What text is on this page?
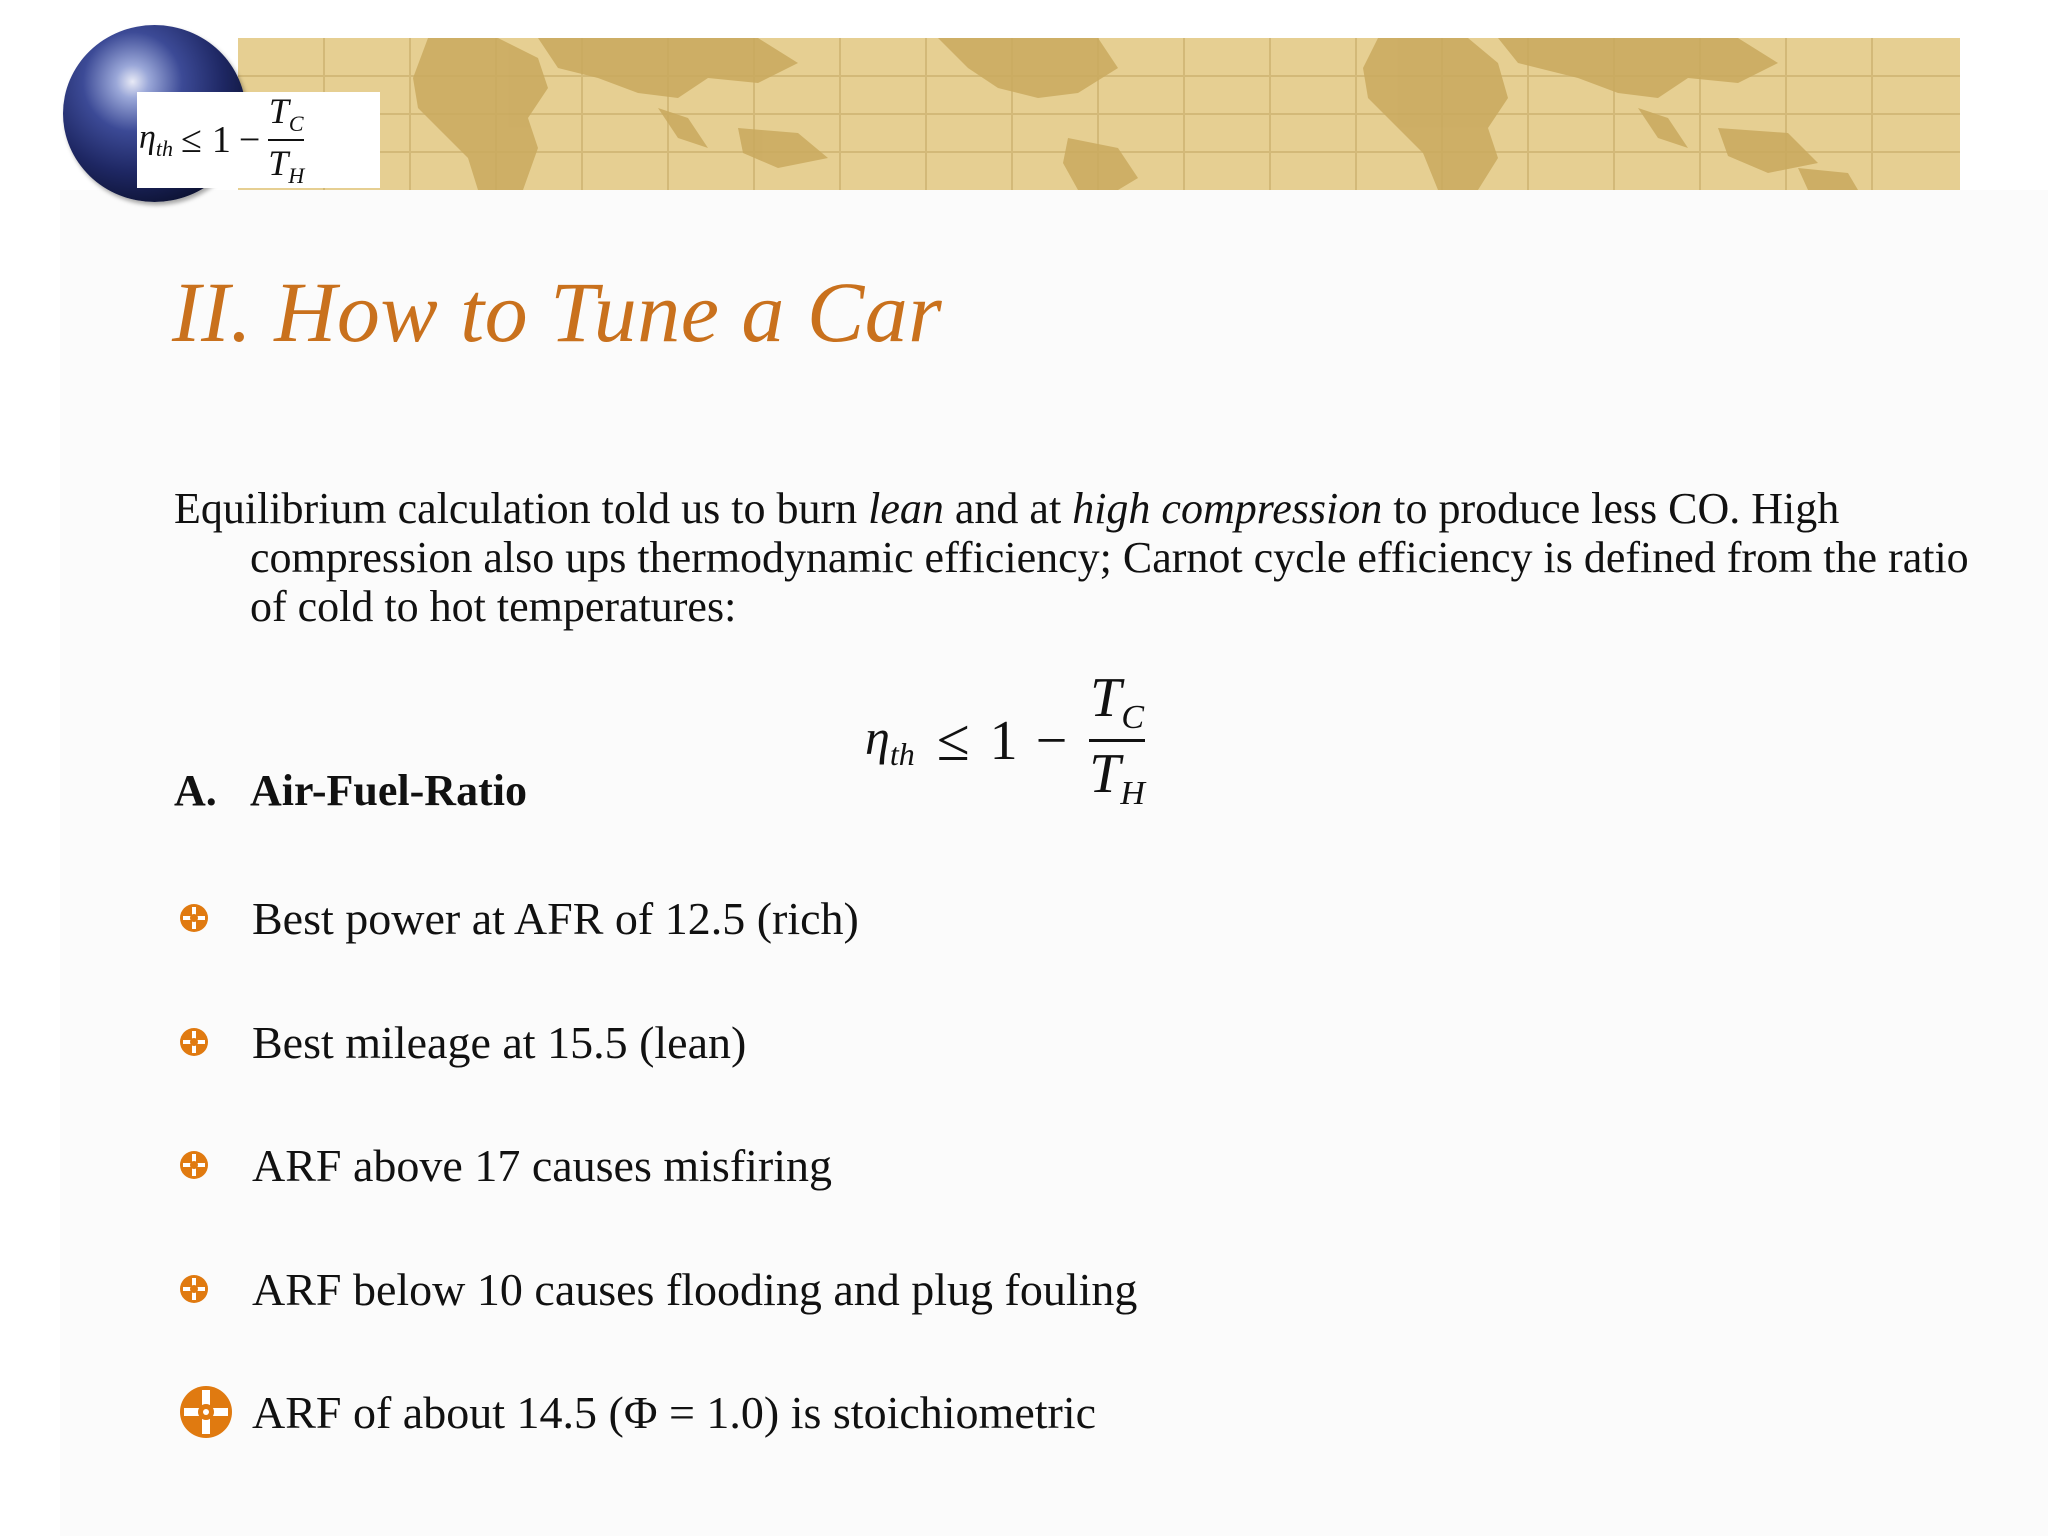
$\eta_{th} \le 1 - \frac{T_C}{T_H}$
II. How to Tune a Car
Equilibrium calculation told us to burn lean and at high compression to produce less CO. High compression also ups thermodynamic efficiency; Carnot cycle efficiency is defined from the ratio of cold to hot temperatures:
$\eta_{th} \le 1 - \frac{T_C}{T_H}$
A. Air-Fuel-Ratio
Best power at AFR of 12.5 (rich)
Best mileage at 15.5 (lean)
ARF above 17 causes misfiring
ARF below 10 causes flooding and plug fouling
ARF of about 14.5 (Φ = 1.0) is stoichiometric
